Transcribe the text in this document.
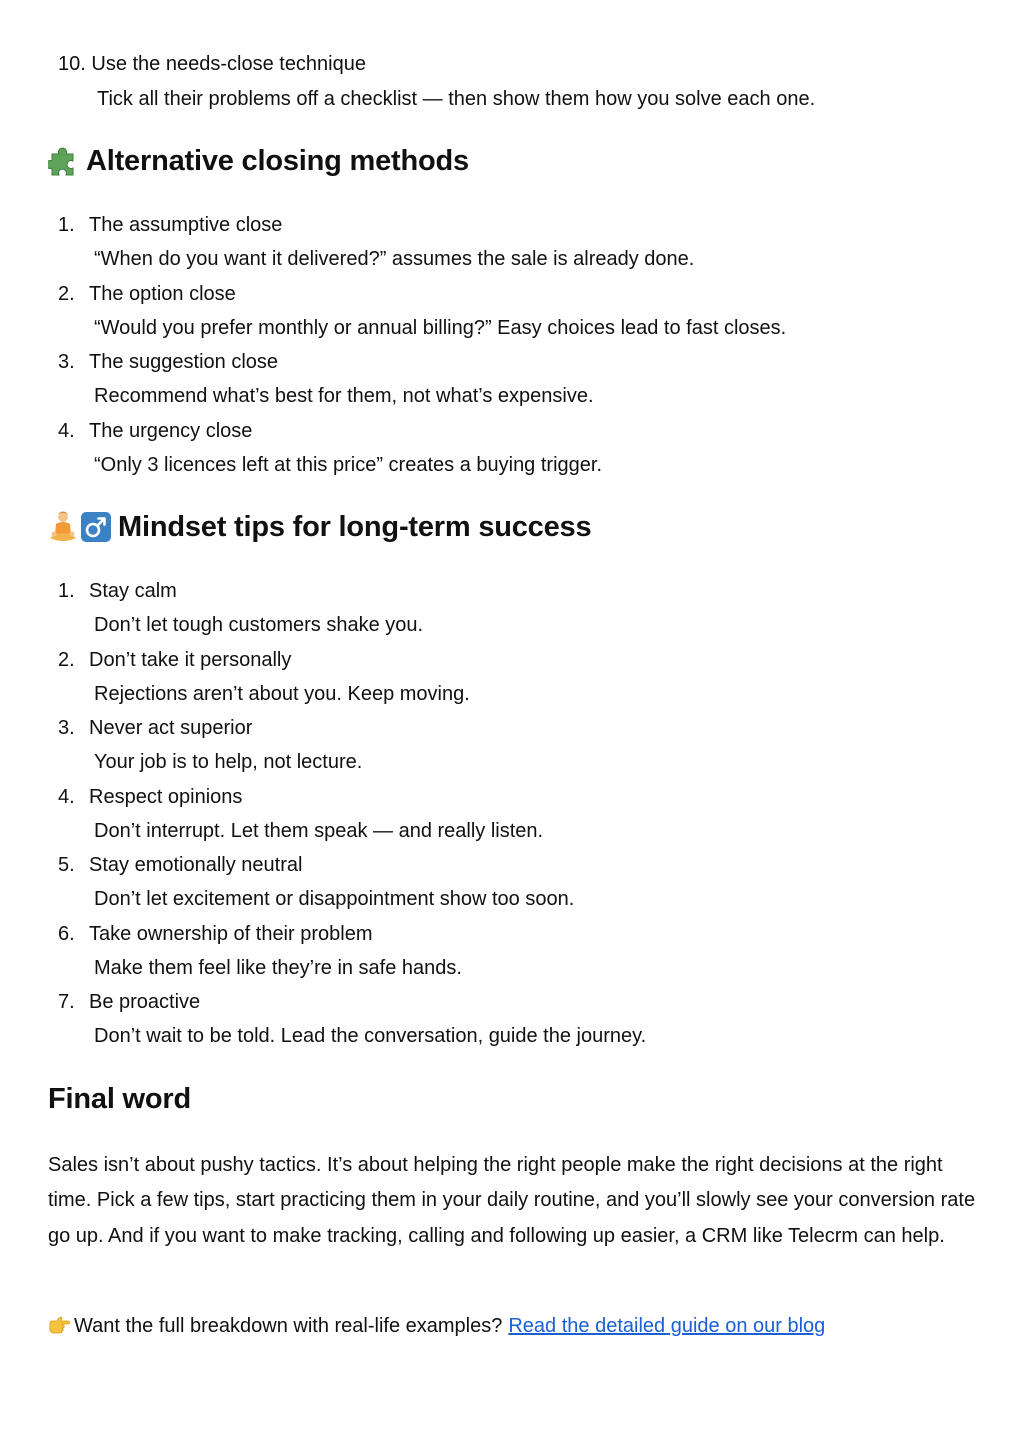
10. Use the needs-close technique
Tick all their problems off a checklist — then show them how you solve each one.
Alternative closing methods
1. The assumptive close
“When do you want it delivered?” assumes the sale is already done.
2. The option close
“Would you prefer monthly or annual billing?” Easy choices lead to fast closes.
3. The suggestion close
Recommend what’s best for them, not what’s expensive.
4. The urgency close
“Only 3 licences left at this price” creates a buying trigger.
Mindset tips for long-term success
1. Stay calm
Don’t let tough customers shake you.
2. Don’t take it personally
Rejections aren’t about you. Keep moving.
3. Never act superior
Your job is to help, not lecture.
4. Respect opinions
Don’t interrupt. Let them speak — and really listen.
5. Stay emotionally neutral
Don’t let excitement or disappointment show too soon.
6. Take ownership of their problem
Make them feel like they’re in safe hands.
7. Be proactive
Don’t wait to be told. Lead the conversation, guide the journey.
Final word

Sales isn’t about pushy tactics. It’s about helping the right people make the right decisions at the right time. Pick a few tips, start practicing them in your daily routine, and you’ll slowly see your conversion rate go up. And if you want to make tracking, calling and following up easier, a CRM like Telecrm can help.

Want the full breakdown with real-life examples? Read the detailed guide on our blog
